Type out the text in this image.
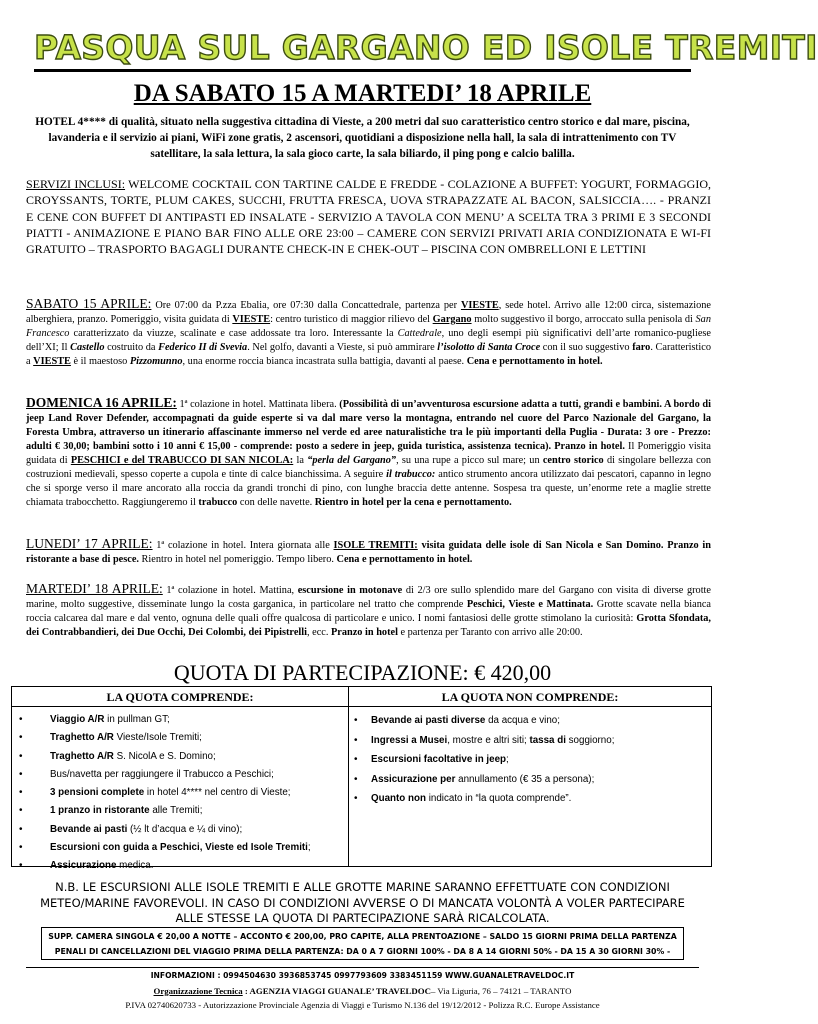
PASQUA SUL GARGANO ED ISOLE TREMITI
DA SABATO 15 A MARTEDI’ 18 APRILE

HOTEL 4**** di qualità, situato nella suggestiva cittadina di Vieste, a 200 metri dal suo caratteristico centro storico e dal mare, piscina, lavanderia e il servizio ai piani, WiFi zone gratis, 2 ascensori, quotidiani a disposizione nella hall, la sala di intrattenimento con TV satellitare, la sala lettura, la sala gioco carte, la sala biliardo, il ping pong e calcio balilla.

SERVIZI INCLUSI: WELCOME COCKTAIL CON TARTINE CALDE E FREDDE - COLAZIONE A BUFFET: YOGURT, FORMAGGIO, CROYSSANTS, TORTE, PLUM CAKES, SUCCHI, FRUTTA FRESCA, UOVA STRAPAZZATE AL BACON, SALSICCIA…. - PRANZI E CENE CON BUFFET DI ANTIPASTI ED INSALATE - SERVIZIO A TAVOLA CON MENU’ A SCELTA TRA 3 PRIMI E 3 SECONDI PIATTI - ANIMAZIONE E PIANO BAR FINO ALLE ORE 23:00 – CAMERE CON SERVIZI PRIVATI ARIA CONDIZIONATA E WI-FI GRATUITO – TRASPORTO BAGAGLI DURANTE CHECK-IN E CHEK-OUT – PISCINA CON OMBRELLONI E LETTINI

SABATO 15 APRILE: Ore 07:00 da P.zza Ebalia, ore 07:30 dalla Concattedrale, partenza per VIESTE, sede hotel. Arrivo alle 12:00 circa, sistemazione alberghiera, pranzo. Pomeriggio, visita guidata di VIESTE: centro turistico di maggior rilievo del Gargano molto suggestivo il borgo, arroccato sulla penisola di San Francesco caratterizzato da viuzze, scalinate e case addossate tra loro. Interessante la Cattedrale, uno degli esempi più significativi dell’arte romanico-pugliese dell’XI; Il Castello costruito da Federico II di Svevia. Nel golfo, davanti a Vieste, si può ammirare l’isolotto di Santa Croce con il suo suggestivo faro. Caratteristico a VIESTE è il maestoso Pizzomunno, una enorme roccia bianca incastrata sulla battigia, davanti al paese. Cena e pernottamento in hotel.

DOMENICA 16 APRILE: 1ª colazione in hotel. Mattinata libera. (Possibilità di un’avventurosa escursione adatta a tutti, grandi e bambini. A bordo di jeep Land Rover Defender, accompagnati da guide esperte si va dal mare verso la montagna, entrando nel cuore del Parco Nazionale del Gargano, la Foresta Umbra, attraverso un itinerario affascinante immerso nel verde ed aree naturalistiche tra le più importanti della Puglia - Durata: 3 ore - Prezzo: adulti € 30,00; bambini sotto i 10 anni € 15,00 - comprende: posto a sedere in jeep, guida turistica, assistenza tecnica). Pranzo in hotel. Il Pomeriggio visita guidata di PESCHICI e del TRABUCCO DI SAN NICOLA: la “perla del Gargano”, su una rupe a picco sul mare; un centro storico di singolare bellezza con costruzioni medievali, spesso coperte a cupola e tinte di calce bianchissima. A seguire il trabucco: antico strumento ancora utilizzato dai pescatori, capanno in legno che si sporge verso il mare ancorato alla roccia da grandi tronchi di pino, con lunghe braccia dette antenne. Sospesa tra queste, un’enorme rete a maglie strette chiamata trabocchetto. Raggiungeremo il trabucco con delle navette. Rientro in hotel per la cena e pernottamento.

LUNEDI’ 17 APRILE: 1ª colazione in hotel. Intera giornata alle ISOLE TREMITI: visita guidata delle isole di San Nicola e San Domino. Pranzo in ristorante a base di pesce. Rientro in hotel nel pomeriggio. Tempo libero. Cena e pernottamento in hotel.

MARTEDI’ 18 APRILE: 1ª colazione in hotel. Mattina, escursione in motonave di 2/3 ore sullo splendido mare del Gargano con visita di diverse grotte marine, molto suggestive, disseminate lungo la costa garganica, in particolare nel tratto che comprende Peschici, Vieste e Mattinata. Grotte scavate nella bianca roccia calcarea dal mare e dal vento, ognuna delle quali offre qualcosa di particolare e unico. I nomi fantasiosi delle grotte stimolano la curiosità: Grotta Sfondata, dei Contrabbandieri, dei Due Occhi, Dei Colombi, dei Pipistrelli, ecc. Pranzo in hotel e partenza per Taranto con arrivo alle 20:00.

QUOTA DI PARTECIPAZIONE: € 420,00
LA QUOTA COMPRENDE:
• Viaggio A/R in pullman GT;
• Traghetto A/R Vieste/Isole Tremiti;
• Traghetto A/R S. NicolA e S. Domino;
• Bus/navetta per raggiungere il Trabucco a Peschici;
• 3 pensioni complete in hotel 4**** nel centro di Vieste;
• 1 pranzo in ristorante alle Tremiti;
• Bevande ai pasti (½ lt d’acqua e ¼ di vino);
• Escursioni con guida a Peschici, Vieste ed Isole Tremiti;
• Assicurazione medica.
LA QUOTA NON COMPRENDE:
• Bevande ai pasti diverse da acqua e vino;
• Ingressi a Musei, mostre e altri siti; tassa di soggiorno;
• Escursioni facoltative in jeep;
• Assicurazione per annullamento (€ 35 a persona);
• Quanto non indicato in “la quota comprende”.

N.B. LE ESCURSIONI ALLE ISOLE TREMITI E ALLE GROTTE MARINE SARANNO EFFETTUATE CON CONDIZIONI METEO/MARINE FAVOREVOLI. IN CASO DI CONDIZIONI AVVERSE O DI MANCATA VOLONTÀ A VOLER PARTECIPARE ALLE STESSE LA QUOTA DI PARTECIPAZIONE SARÀ RICALCOLATA.

SUPP. CAMERA SINGOLA € 20,00 A NOTTE – ACCONTO € 200,00, PRO CAPITE, ALLA PRENTOAZIONE – SALDO 15 GIORNI PRIMA DELLA PARTENZA
PENALI DI CANCELLAZIONI DEL VIAGGIO PRIMA DELLA PARTENZA: DA 0 A 7 GIORNI 100% - DA 8 A 14 GIORNI 50% - DA 15 A 30 GIORNI 30% -
INFORMAZIONI : 0994504630 3936853745 0997793609 3383451159 WWW.GUANALETRAVELDOC.IT
Organizzazione Tecnica : AGENZIA VIAGGI GUANALE’ TRAVELDOC– Via Liguria, 76 – 74121 – TARANTO
P.IVA 02740620733 - Autorizzazione Provinciale Agenzia di Viaggi e Turismo N.136 del 19/12/2012 - Polizza R.C. Europe Assistance
